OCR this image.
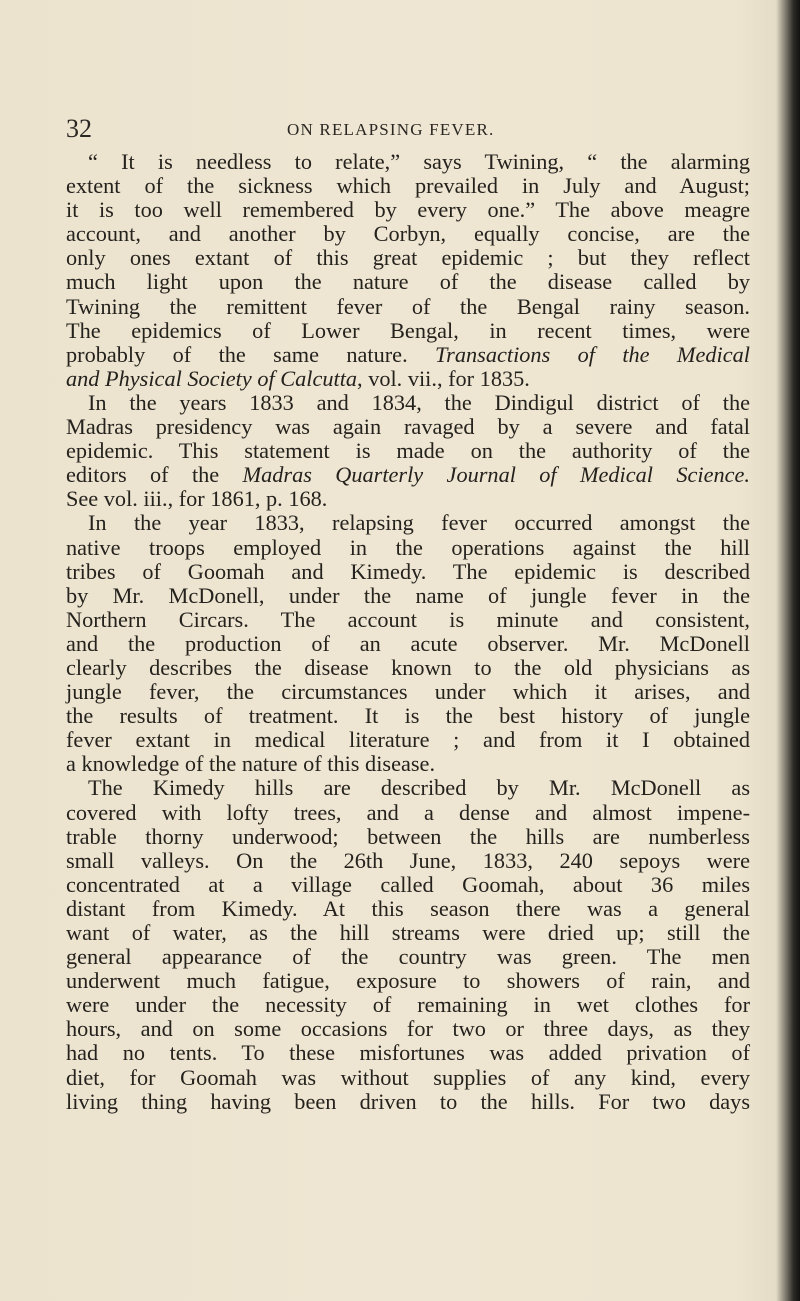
32	ON RELAPSING FEVER.
“ It is needless to relate,” says Twining, “ the alarming
extent of the sickness which prevailed in July and August;
it is too well remembered by every one.” The above meagre
account, and another by Corbyn, equally concise, are the
only ones extant of this great epidemic ; but they reflect
much light upon the nature of the disease called by
Twining the remittent fever of the Bengal rainy season.
The epidemics of Lower Bengal, in recent times, were
probably of the same nature. Transactions of the Medical
and Physical Society of Calcutta, vol. vii., for 1835.
In the years 1833 and 1834, the Dindigul district of the
Madras presidency was again ravaged by a severe and fatal
epidemic. This statement is made on the authority of the
editors of the Madras Quarterly Journal of Medical Science.
See vol. iii., for 1861, p. 168.
In the year 1833, relapsing fever occurred amongst the
native troops employed in the operations against the hill
tribes of Goomah and Kimedy. The epidemic is described
by Mr. McDonell, under the name of jungle fever in the
Northern Circars. The account is minute and consistent,
and the production of an acute observer. Mr. McDonell
clearly describes the disease known to the old physicians as
jungle fever, the circumstances under which it arises, and
the results of treatment. It is the best history of jungle
fever extant in medical literature ; and from it I obtained
a knowledge of the nature of this disease.
The Kimedy hills are described by Mr. McDonell as
covered with lofty trees, and a dense and almost impene-
trable thorny underwood; between the hills are numberless
small valleys. On the 26th June, 1833, 240 sepoys were
concentrated at a village called Goomah, about 36 miles
distant from Kimedy. At this season there was a general
want of water, as the hill streams were dried up; still the
general appearance of the country was green. The men
underwent much fatigue, exposure to showers of rain, and
were under the necessity of remaining in wet clothes for
hours, and on some occasions for two or three days, as they
had no tents. To these misfortunes was added privation of
diet, for Goomah was without supplies of any kind, every
living thing having been driven to the hills. For two days
